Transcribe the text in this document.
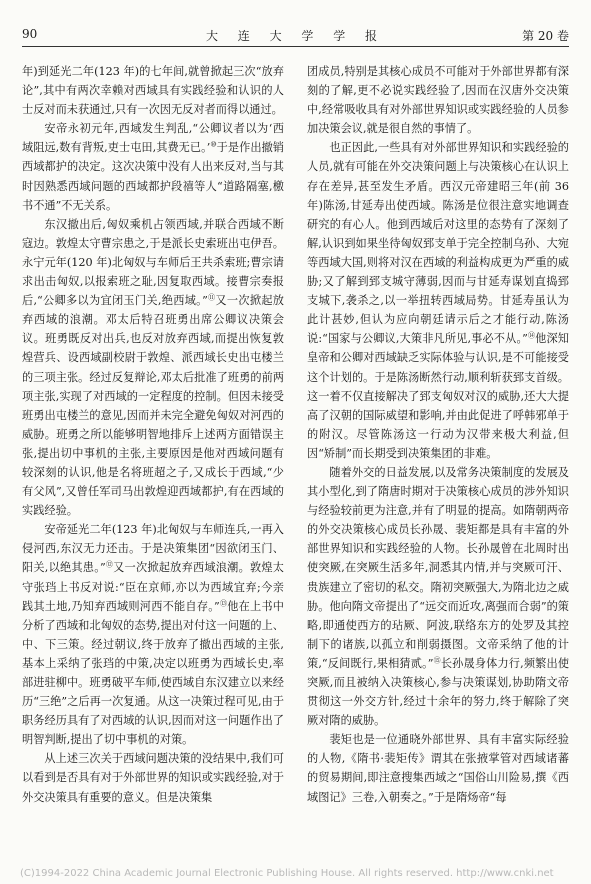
90	大 连 大 学 学 报	第 20 卷

年)到延光二年(123 年)的七年间,就曾掀起三次“放弃论”,其中有两次幸赖对西域具有实践经验和认识的人士反对而未获通过,只有一次因无反对者而得以通过。

安帝永初元年,西域发生判乱,“公卿议者以为‘西域阻远,数有背叛,吏士屯田,其费无已。’⑩于是作出撤销西域都护的决定。这次决策中没有人出来反对,当与其时因熟悉西域问题的西域都护段禧等人“道路隔塞,檄书不通”不无关系。

东汉撤出后,匈奴乘机占领西域,并联合西域不断寇边。敦煌太守曹宗患之,于是派长史索班出屯伊吾。永宁元年(120 年)北匈奴与车师后王共杀索班;曹宗请求出击匈奴,以报索班之耻,因复取西域。接曹宗奏报后,“公卿多以为宜闭玉门关,绝西域。”⑪又一次掀起放弃西域的浪潮。邓太后特召班勇出席公卿议决策会议。班勇既反对出兵,也反对放弃西域,而提出恢复敦煌营兵、设西域副校尉于敦煌、派西域长史出屯楼兰的三项主张。经过反复辩论,邓太后批准了班勇的前两项主张,实现了对西域的一定程度的控制。但因未接受班勇出屯楼兰的意见,因而并未完全避免匈奴对河西的威胁。班勇之所以能够明智地排斥上述两方面错误主张,提出切中事机的主张,主要原因是他对西域问题有较深刻的认识,他是名将班超之子,又成长于西域,“少有父风”,又曾任军司马出敦煌迎西域都护,有在西域的实践经验。

安帝延光二年(123 年)北匈奴与车师连兵,一再入侵河西,东汉无力还击。于是决策集团“因欲闭玉门、阳关,以绝其患。”⑫又一次掀起放弃西域浪潮。敦煌太守张珰上书反对说:“臣在京师,亦以为西域宜弃;今亲践其土地,乃知弃西域则河西不能自存。”⑬他在上书中分析了西域和北匈奴的态势,提出对付这一问题的上、中、下三策。经过朝议,终于放弃了撤出西域的主张,基本上采纳了张珰的中策,决定以班勇为西域长史,率部进驻柳中。班勇破平车师,使西域自东汉建立以来经历“三绝”之后再一次复通。从这一决策过程可见,由于职务经历具有了对西域的认识,因而对这一问题作出了明智判断,提出了切中事机的对策。

从上述三次关于西域问题决策的没结果中,我们可以看到是否具有对于外部世界的知识或实践经验,对于外交决策具有重要的意义。但是决策集

团成员,特别是其核心成员不可能对于外部世界都有深刻的了解,更不必说实践经验了,因而在汉唐外交决策中,经常吸收具有对外部世界知识或实践经验的人员参加决策会议,就是很自然的事情了。

也正因此,一些具有对外部世界知识和实践经验的人员,就有可能在外交决策问题上与决策核心在认识上存在差异,甚至发生矛盾。西汉元帝建昭三年(前 36 年)陈汤,甘延寿出使西域。陈汤是位很注意实地调查研究的有心人。他到西域后对这里的态势有了深刻了解,认识到如果坐待匈奴郅支单于完全控制乌孙、大宛等西域大国,则将对汉在西域的利益构成更为严重的威胁;又了解到郅支城守薄弱,因而与甘延寿谋划直捣郅支城下,袭杀之,以一举扭转西域局势。甘延寿虽认为此计甚妙,但认为应向朝廷请示后之才能行动,陈汤说:“国家与公卿议,大策非凡所见,事必不从。”⑭他深知皇帝和公卿对西域缺乏实际体验与认识,是不可能接受这个计划的。于是陈汤断然行动,顺利斩获郅支首级。这一着不仅直接解决了郅支匈奴对汉的威胁,还大大提高了汉朝的国际威望和影响,并由此促进了呼韩邪单于的附汉。尽管陈汤这一行动为汉带来极大利益,但因“矫制”而长期受到决策集团的非难。

随着外交的日益发展,以及常务决策制度的发展及其小型化,到了隋唐时期对于决策核心成员的涉外知识与经验较前更为注意,并有了明显的提高。如隋朝两帝的外交决策核心成员长孙晟、裴矩都是具有丰富的外部世界知识和实践经验的人物。长孙晟曾在北周时出使突厥,在突厥生活多年,洞悉其内情,并与突厥可汗、贵族建立了密切的私交。隋初突厥强大,为隋北边之威胁。他向隋文帝提出了“远交而近攻,离强而合弱”的策略,即通使西方的玷厥、阿波,联络东方的处罗及其控制下的诸族,以孤立和削弱摄图。文帝采纳了他的计策,“反间既行,果相猜贰。”⑮长孙晟身体力行,频繁出使突厥,而且被纳入决策核心,参与决策谋划,协助隋文帝贯彻这一外交方针,经过十余年的努力,终于解除了突厥对隋的威胁。

裴矩也是一位通晓外部世界、具有丰富实际经验的人物,《隋书·裴矩传》谓其在张掖掌管对西域诸蕃的贸易期间,即注意搜集西域之“国俗山川险易,撰《西域图记》三卷,入朝奏之。”于是隋炀帝“每

(C)1994-2022 China Academic Journal Electronic Publishing House. All rights reserved. http://www.cnki.net
